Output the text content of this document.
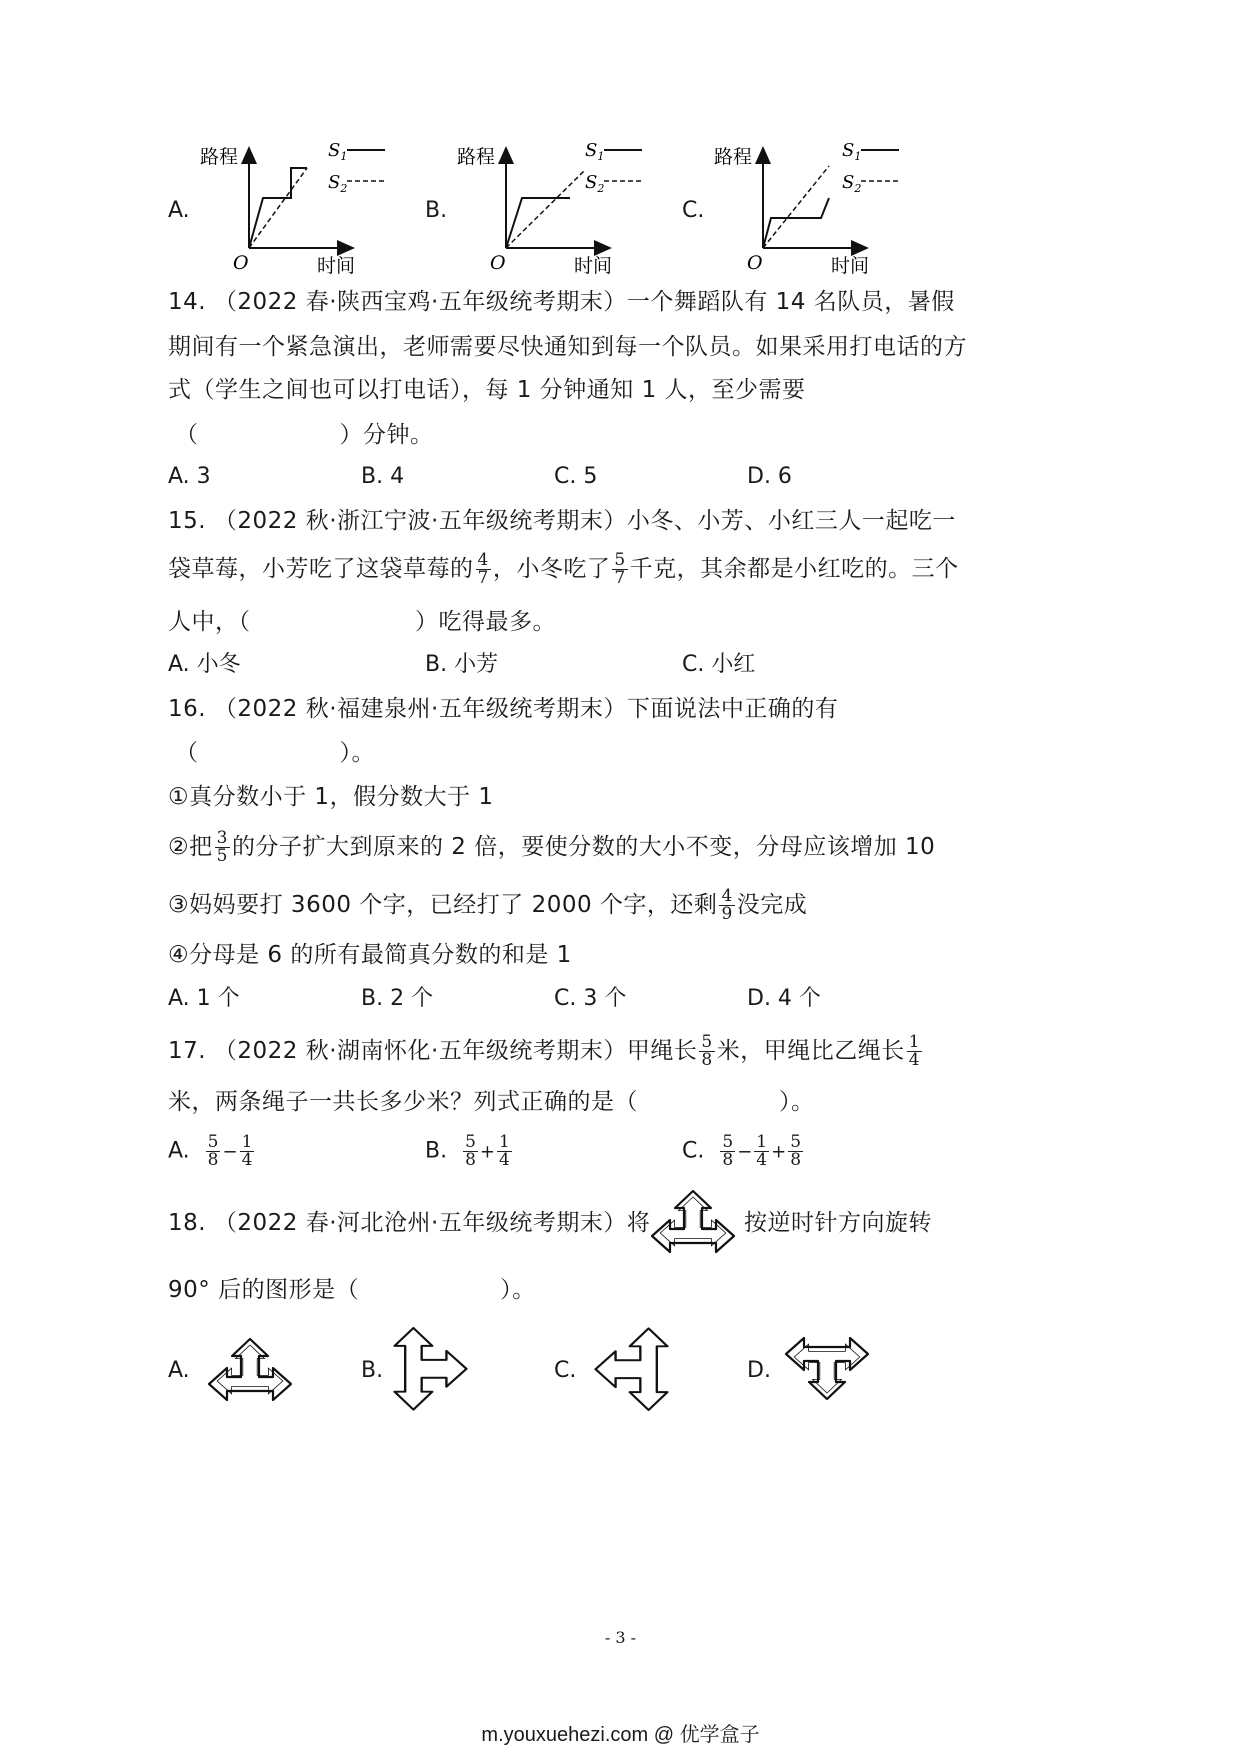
A.
路程
O	时间
$S_1$
$S_2$
B.
路程
O	时间
$S_1$
$S_2$
C.
路程
O	时间
$S_1$
$S_2$
14. （2022 春·陕西宝鸡·五年级统考期末）一个舞蹈队有 14 名队员，暑假
期间有一个紧急演出，老师需要尽快通知到每一个队员。如果采用打电话的方
式（学生之间也可以打电话），每 1 分钟通知 1 人，至少需要
（　　　　　　）分钟。
A. 3	B. 4	C. 5	D. 6
15. （2022 秋·浙江宁波·五年级统考期末）小冬、小芳、小红三人一起吃一
袋草莓，小芳吃了这袋草莓的 $\frac{4}{7}$ ，小冬吃了 $\frac{5}{7}$ 千克，其余都是小红吃的。三个
人中，（　　　　　　　）吃得最多。
A. 小冬	B. 小芳	C. 小红
16. （2022 秋·福建泉州·五年级统考期末）下面说法中正确的有
（　　　　　　）。
①真分数小于 1，假分数大于 1
②把 $\frac{3}{5}$ 的分子扩大到原来的 2 倍，要使分数的大小不变，分母应该增加 10
③妈妈要打 3600 个字，已经打了 2000 个字，还剩 $\frac{4}{9}$ 没完成
④分母是 6 的所有最简真分数的和是 1
A. 1 个	B. 2 个	C. 3 个	D. 4 个
17. （2022 秋·湖南怀化·五年级统考期末）甲绳长 $\frac{5}{8}$ 米，甲绳比乙绳长 $\frac{1}{4}$
米，两条绳子一共长多少米？列式正确的是（　　　　　　）。
A. $\frac{5}{8} - \frac{1}{4}$	B. $\frac{5}{8} + \frac{1}{4}$	C. $\frac{5}{8} - \frac{1}{4} + \frac{5}{8}$
18. （2022 春·河北沧州·五年级统考期末）将	按逆时针方向旋转
90° 后的图形是（　　　　　　）。
A.	B.	C.	D.
- 3 -
m.youxuehezi.com @ 优学盒子
